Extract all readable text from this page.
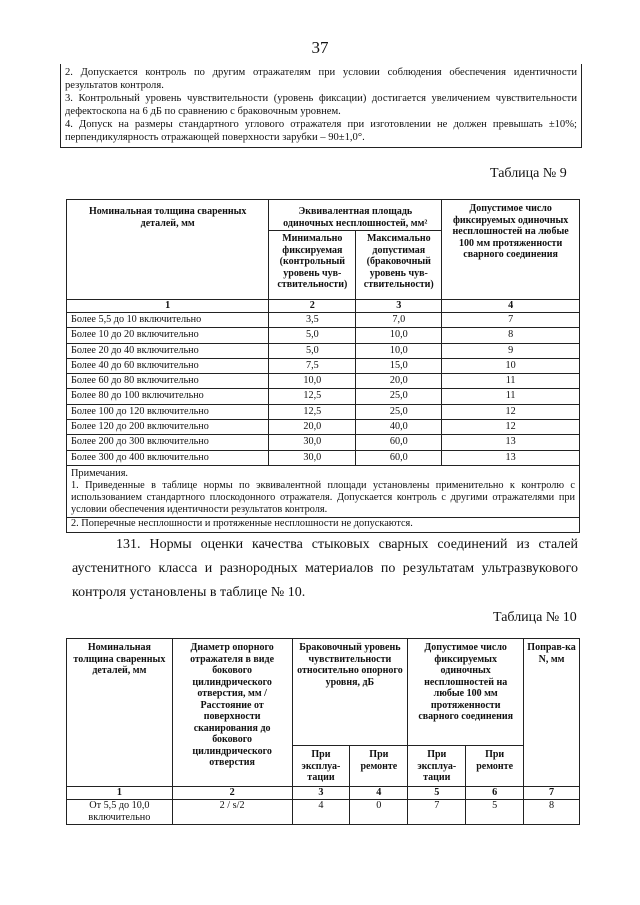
37

2. Допускается контроль по другим отражателям при условии соблюдения обеспечения идентичности результатов контроля.

3. Контрольный уровень чувствительности (уровень фиксации) достигается увеличением чувствительности дефектоскопа на 6 дБ по сравнению с браковочным уровнем.

4. Допуск на размеры стандартного углового отражателя при изготовлении не должен превышать ±10%; перпендикулярность отражающей поверхности зарубки – 90±1,0°.

Таблица № 9
Номинальная толщина сваренных деталей, мм	Эквивалентная площадь одиночных несплошностей, мм²		Допустимое число фиксируемых одиночных несплошностей на любые 100 мм протяженности сварного соединения
	Минимально фиксируемая (контрольный уровень чув-ствительности)	Максимально допустимая (браковочный уровень чув-ствительности)	
1	2	3	4
Более 5,5 до 10 включительно	3,5	7,0	7
Более 10 до 20 включительно	5,0	10,0	8
Более 20 до 40 включительно	5,0	10,0	9
Более 40 до 60 включительно	7,5	15,0	10
Более 60 до 80 включительно	10,0	20,0	11
Более 80 до 100 включительно	12,5	25,0	11
Более 100 до 120 включительно	12,5	25,0	12
Более 120 до 200 включительно	20,0	40,0	12
Более 200 до 300 включительно	30,0	60,0	13
Более 300 до 400 включительно	30,0	60,0	13

Примечания.
1. Приведенные в таблице нормы по эквивалентной площади установлены применительно к контролю с использованием стандартного плоскодонного отражателя. Допускается контроль с другими отражателями при условии обеспечения идентичности результатов контроля.			

2. Поперечные несплошности и протяженные несплошности не допускаются.			
131. Нормы оценки качества стыковых сварных соединений из сталей аустенитного класса и разнородных материалов по результатам ультразвукового контроля установлены в таблице № 10.
Таблица № 10
Номинальная толщина сваренных деталей, мм	Диаметр опорного отражателя в виде бокового цилиндрического отверстия, мм /Расстояние от поверхности сканирования до бокового цилиндрического отверстия	Браковочный уровень чувствительности относительно опорного уровня, дБ		Допустимое число фиксируемых одиночных несплошностей на любые 100 мм протяженности сварного соединения		Поправ-ка N, мм
		При эксплуа-тации	При ремонте	При эксплуа-тации	При ремонте	
1	2	3	4	5	6	7
От 5,5 до 10,0 включительно	2 / s/2	4	0	7	5	8
